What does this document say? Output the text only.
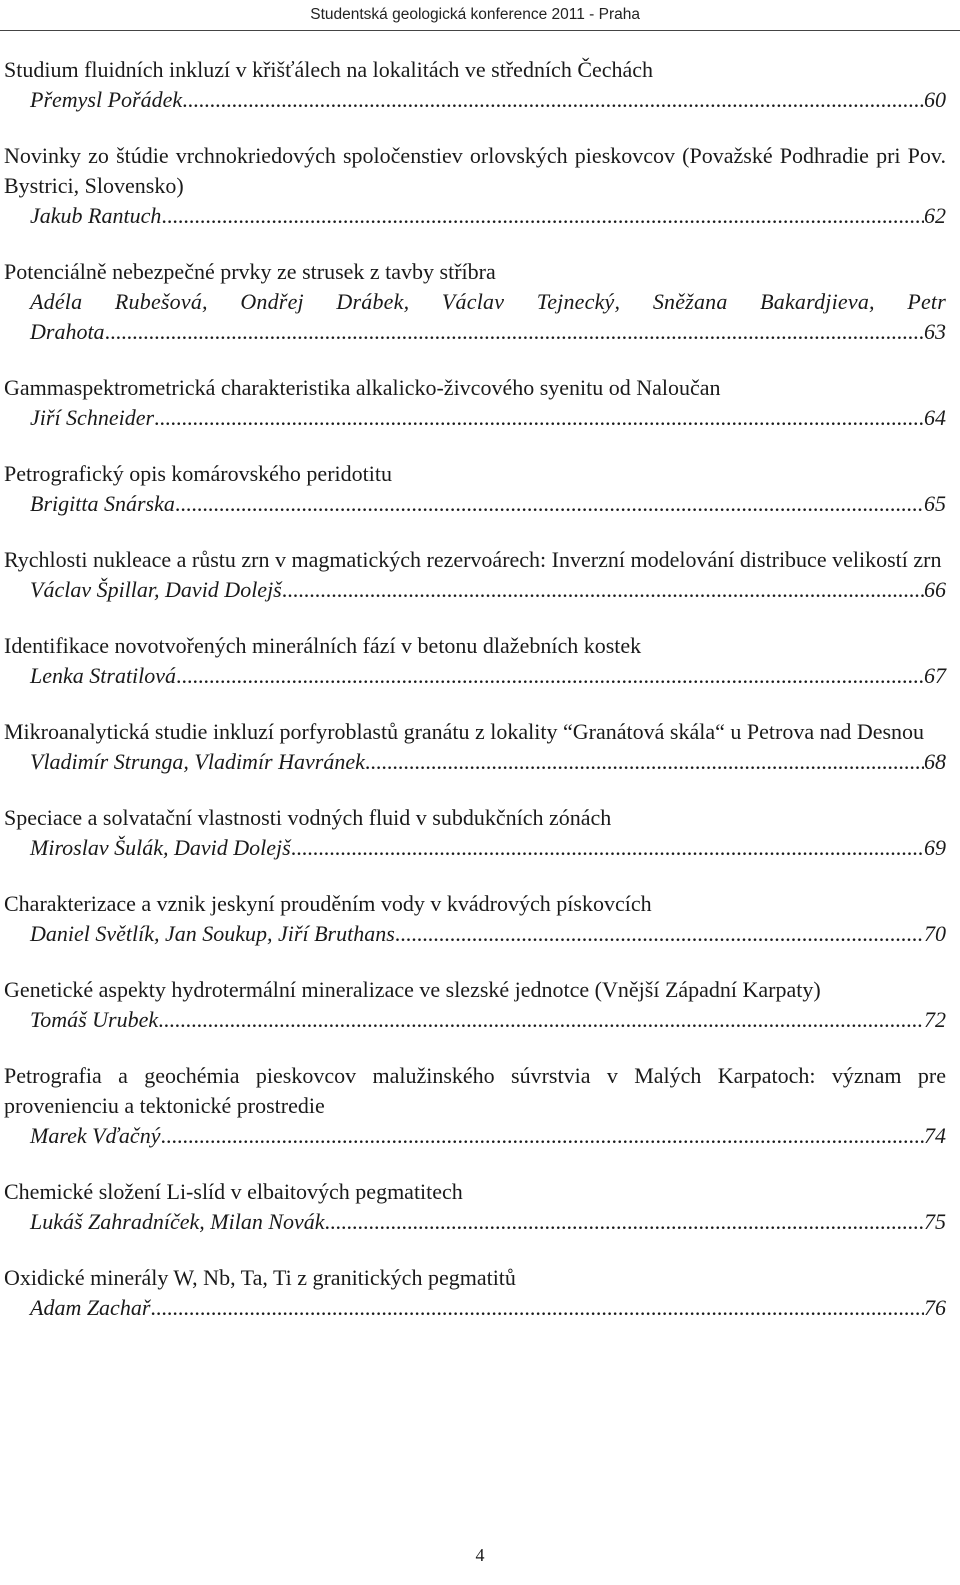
Studentská geologická konference 2011 - Praha
Studium fluidních inkluzí v křišťálech na lokalitách ve středních Čechách
Přemysl Pořádek .....	60
Novinky zo štúdie vrchnokriedových spoločenstiev orlovských pieskovcov (Považské Podhradie pri Pov. Bystrici, Slovensko)
Jakub Rantuch .....	62
Potenciálně nebezpečné prvky ze strusek z tavby stříbra
Adéla Rubešová, Ondřej Drábek, Václav Tejnecký, Sněžana Bakardjieva, Petr
Drahota .....	63
Gammaspektrometrická charakteristika alkalicko-živcového syenitu od Naloučan
Jiří Schneider .....	64
Petrografický opis komárovského peridotitu
Brigitta Snárska .....	65
Rychlosti nukleace a růstu zrn v magmatických rezervoárech: Inverzní modelování distribuce velikostí zrn
Václav Špillar, David Dolejš .....	66
Identifikace novotvořených minerálních fází v betonu dlažebních kostek
Lenka Stratilová .....	67
Mikroanalytická studie inkluzí porfyroblastů granátu z lokality “Granátová skála“ u Petrova nad Desnou
Vladimír Strunga, Vladimír Havránek .....	68
Speciace a solvatační vlastnosti vodných fluid v subdukčních zónách
Miroslav Šulák, David Dolejš .....	69
Charakterizace a vznik jeskyní prouděním vody v kvádrových pískovcích
Daniel Světlík, Jan Soukup, Jiří Bruthans .....	70
Genetické aspekty hydrotermální mineralizace ve slezské jednotce (Vnější Západní Karpaty)
Tomáš Urubek .....	72
Petrografia a geochémia pieskovcov malužinského súvrstvia v Malých Karpatoch: význam pre provenienciu a tektonické prostredie
Marek Vďačný .....	74
Chemické složení Li-slíd v elbaitových pegmatitech
Lukáš Zahradníček, Milan Novák .....	75
Oxidické minerály W, Nb, Ta, Ti z granitických pegmatitů
Adam Zachař .....	76
4
